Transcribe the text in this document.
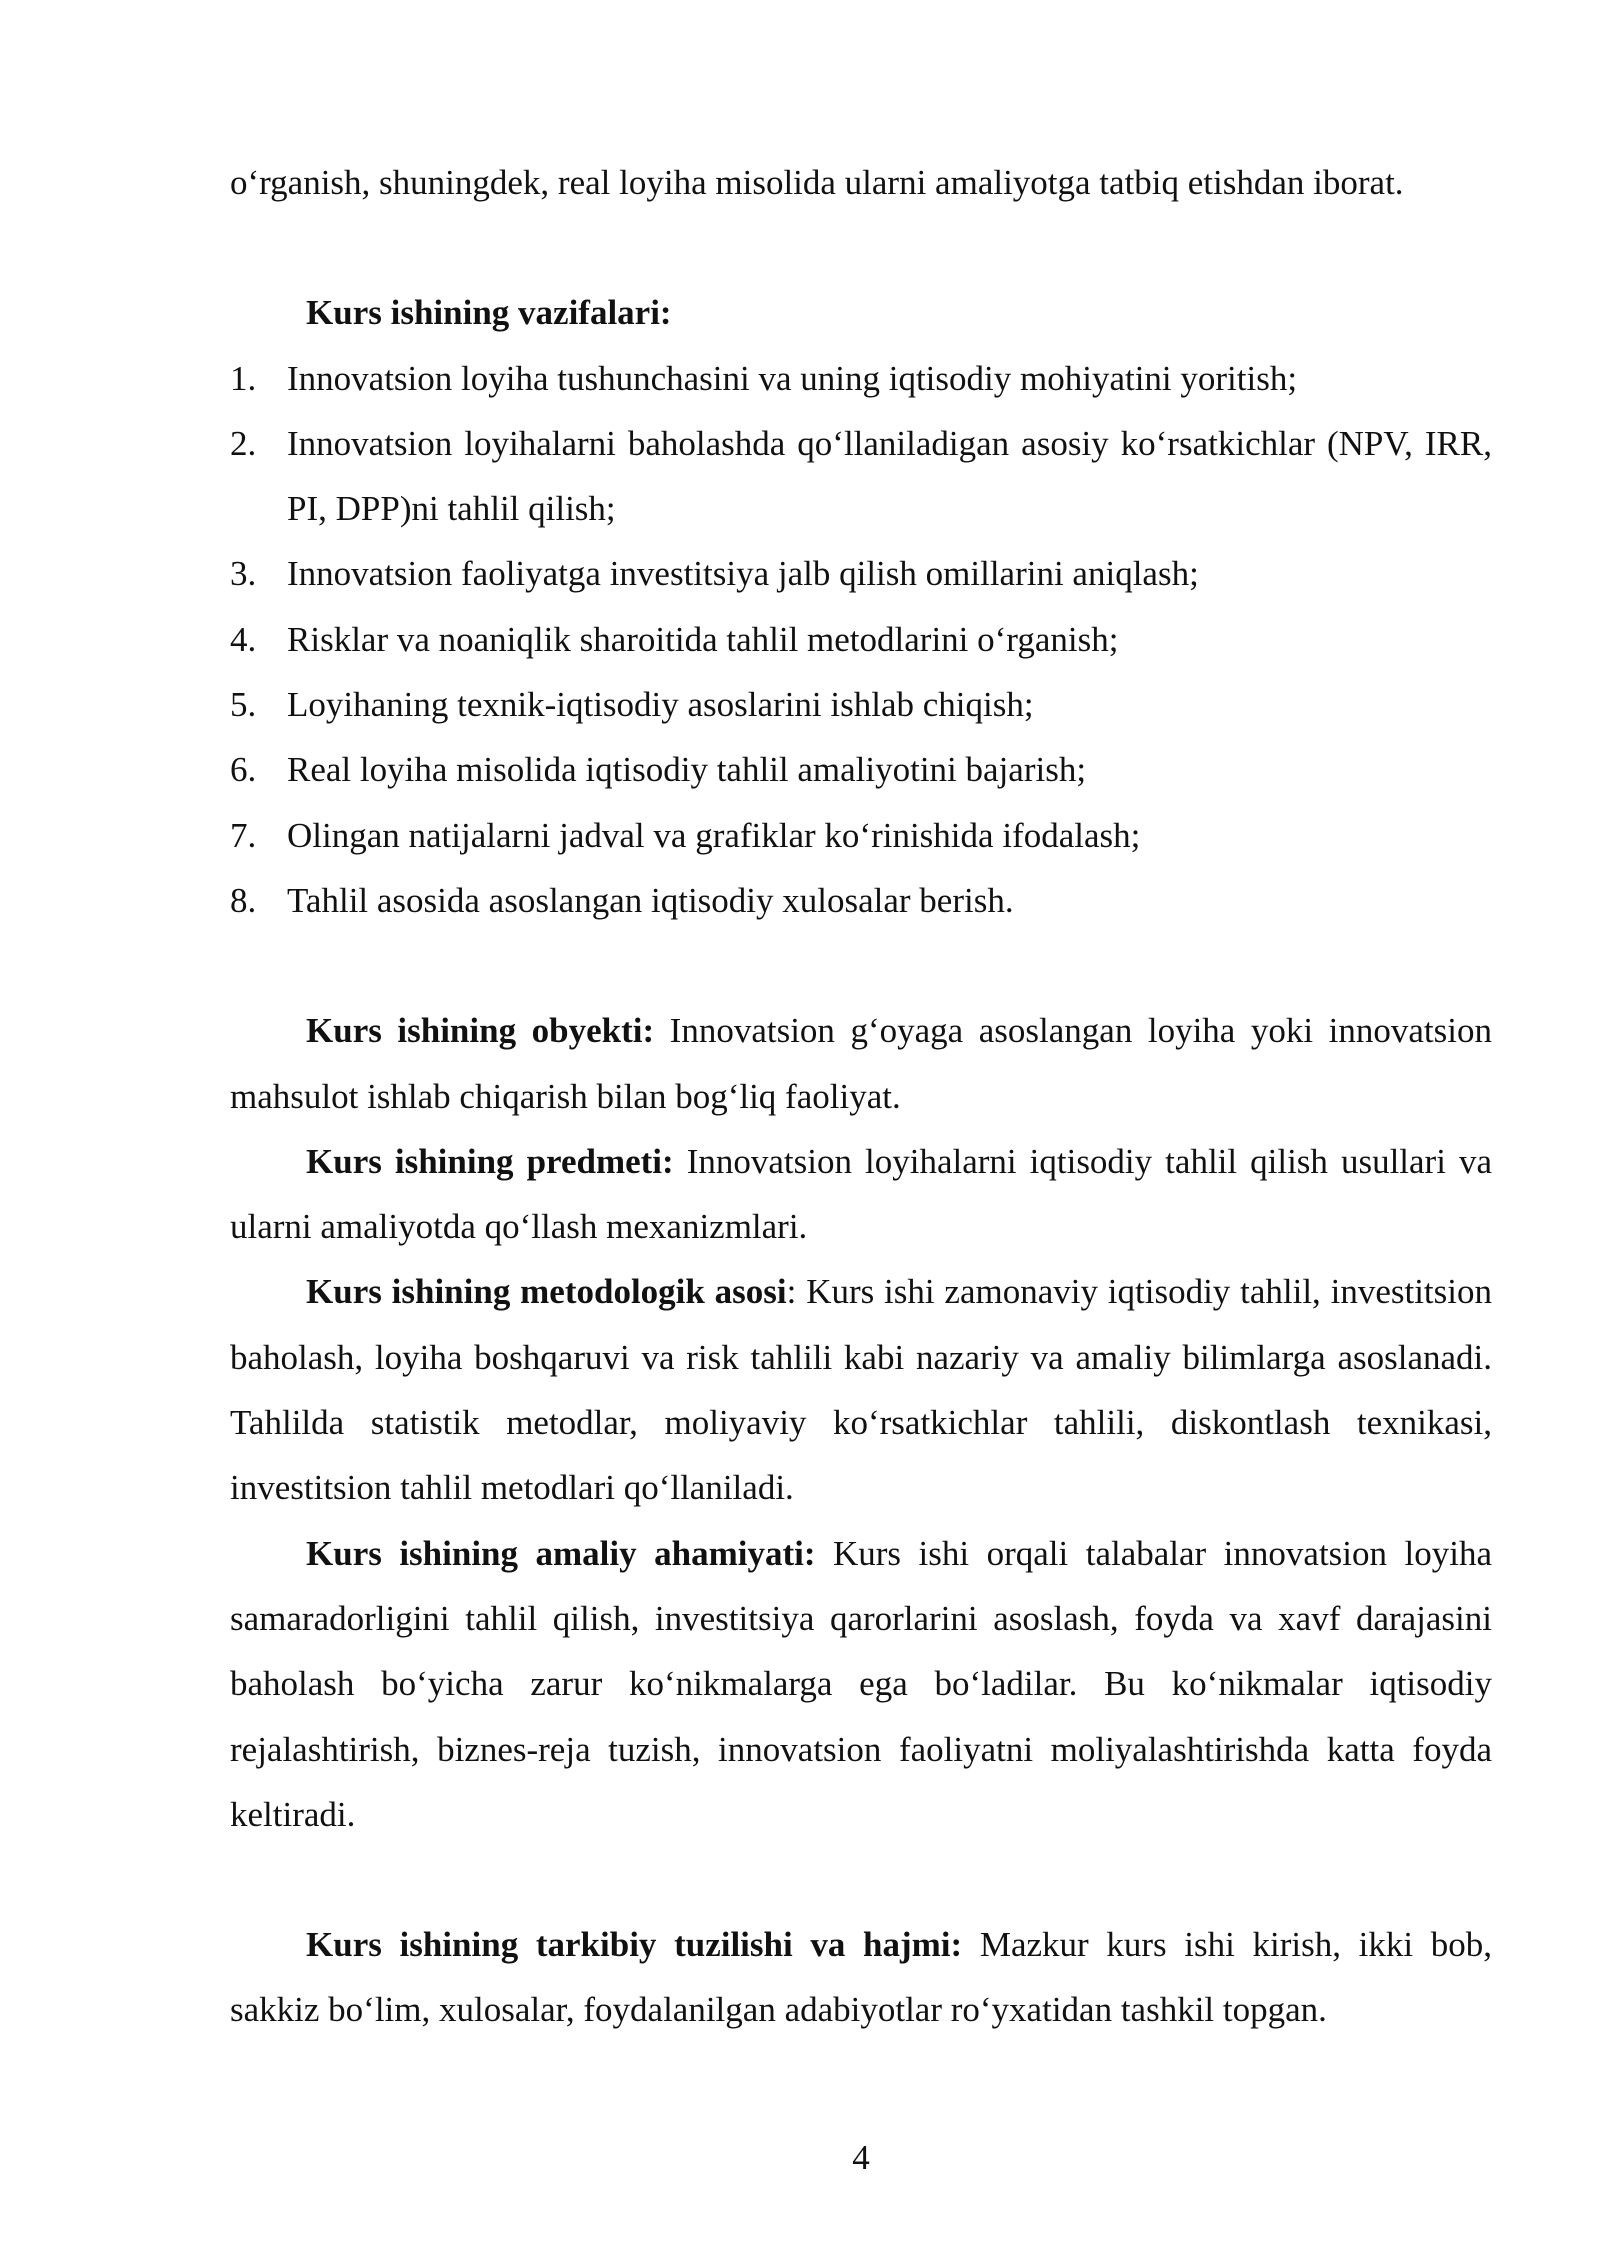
o‘rganish, shuningdek, real loyiha misolida ularni amaliyotga tatbiq etishdan iborat.

Kurs ishining vazifalari:
1. Innovatsion loyiha tushunchasini va uning iqtisodiy mohiyatini yoritish;
2. Innovatsion loyihalarni baholashda qo‘llaniladigan asosiy ko‘rsatkichlar (NPV, IRR, PI, DPP)ni tahlil qilish;
3. Innovatsion faoliyatga investitsiya jalb qilish omillarini aniqlash;
4. Risklar va noaniqlik sharoitida tahlil metodlarini o‘rganish;
5. Loyihaning texnik-iqtisodiy asoslarini ishlab chiqish;
6. Real loyiha misolida iqtisodiy tahlil amaliyotini bajarish;
7. Olingan natijalarni jadval va grafiklar ko‘rinishida ifodalash;
8. Tahlil asosida asoslangan iqtisodiy xulosalar berish.

Kurs ishining obyekti: Innovatsion g‘oyaga asoslangan loyiha yoki innovatsion mahsulot ishlab chiqarish bilan bog‘liq faoliyat.

Kurs ishining predmeti: Innovatsion loyihalarni iqtisodiy tahlil qilish usullari va ularni amaliyotda qo‘llash mexanizmlari.

Kurs ishining metodologik asosi: Kurs ishi zamonaviy iqtisodiy tahlil, investitsion baholash, loyiha boshqaruvi va risk tahlili kabi nazariy va amaliy bilimlarga asoslanadi. Tahlilda statistik metodlar, moliyaviy ko‘rsatkichlar tahlili, diskontlash texnikasi, investitsion tahlil metodlari qo‘llaniladi.

Kurs ishining amaliy ahamiyati: Kurs ishi orqali talabalar innovatsion loyiha samaradorligini tahlil qilish, investitsiya qarorlarini asoslash, foyda va xavf darajasini baholash bo‘yicha zarur ko‘nikmalarga ega bo‘ladilar. Bu ko‘nikmalar iqtisodiy rejalashtirish, biznes-reja tuzish, innovatsion faoliyatni moliyalashtirishda katta foyda keltiradi.

Kurs ishining tarkibiy tuzilishi va hajmi: Mazkur kurs ishi kirish, ikki bob, sakkiz bo‘lim, xulosalar, foydalanilgan adabiyotlar ro‘yxatidan tashkil topgan.

4
